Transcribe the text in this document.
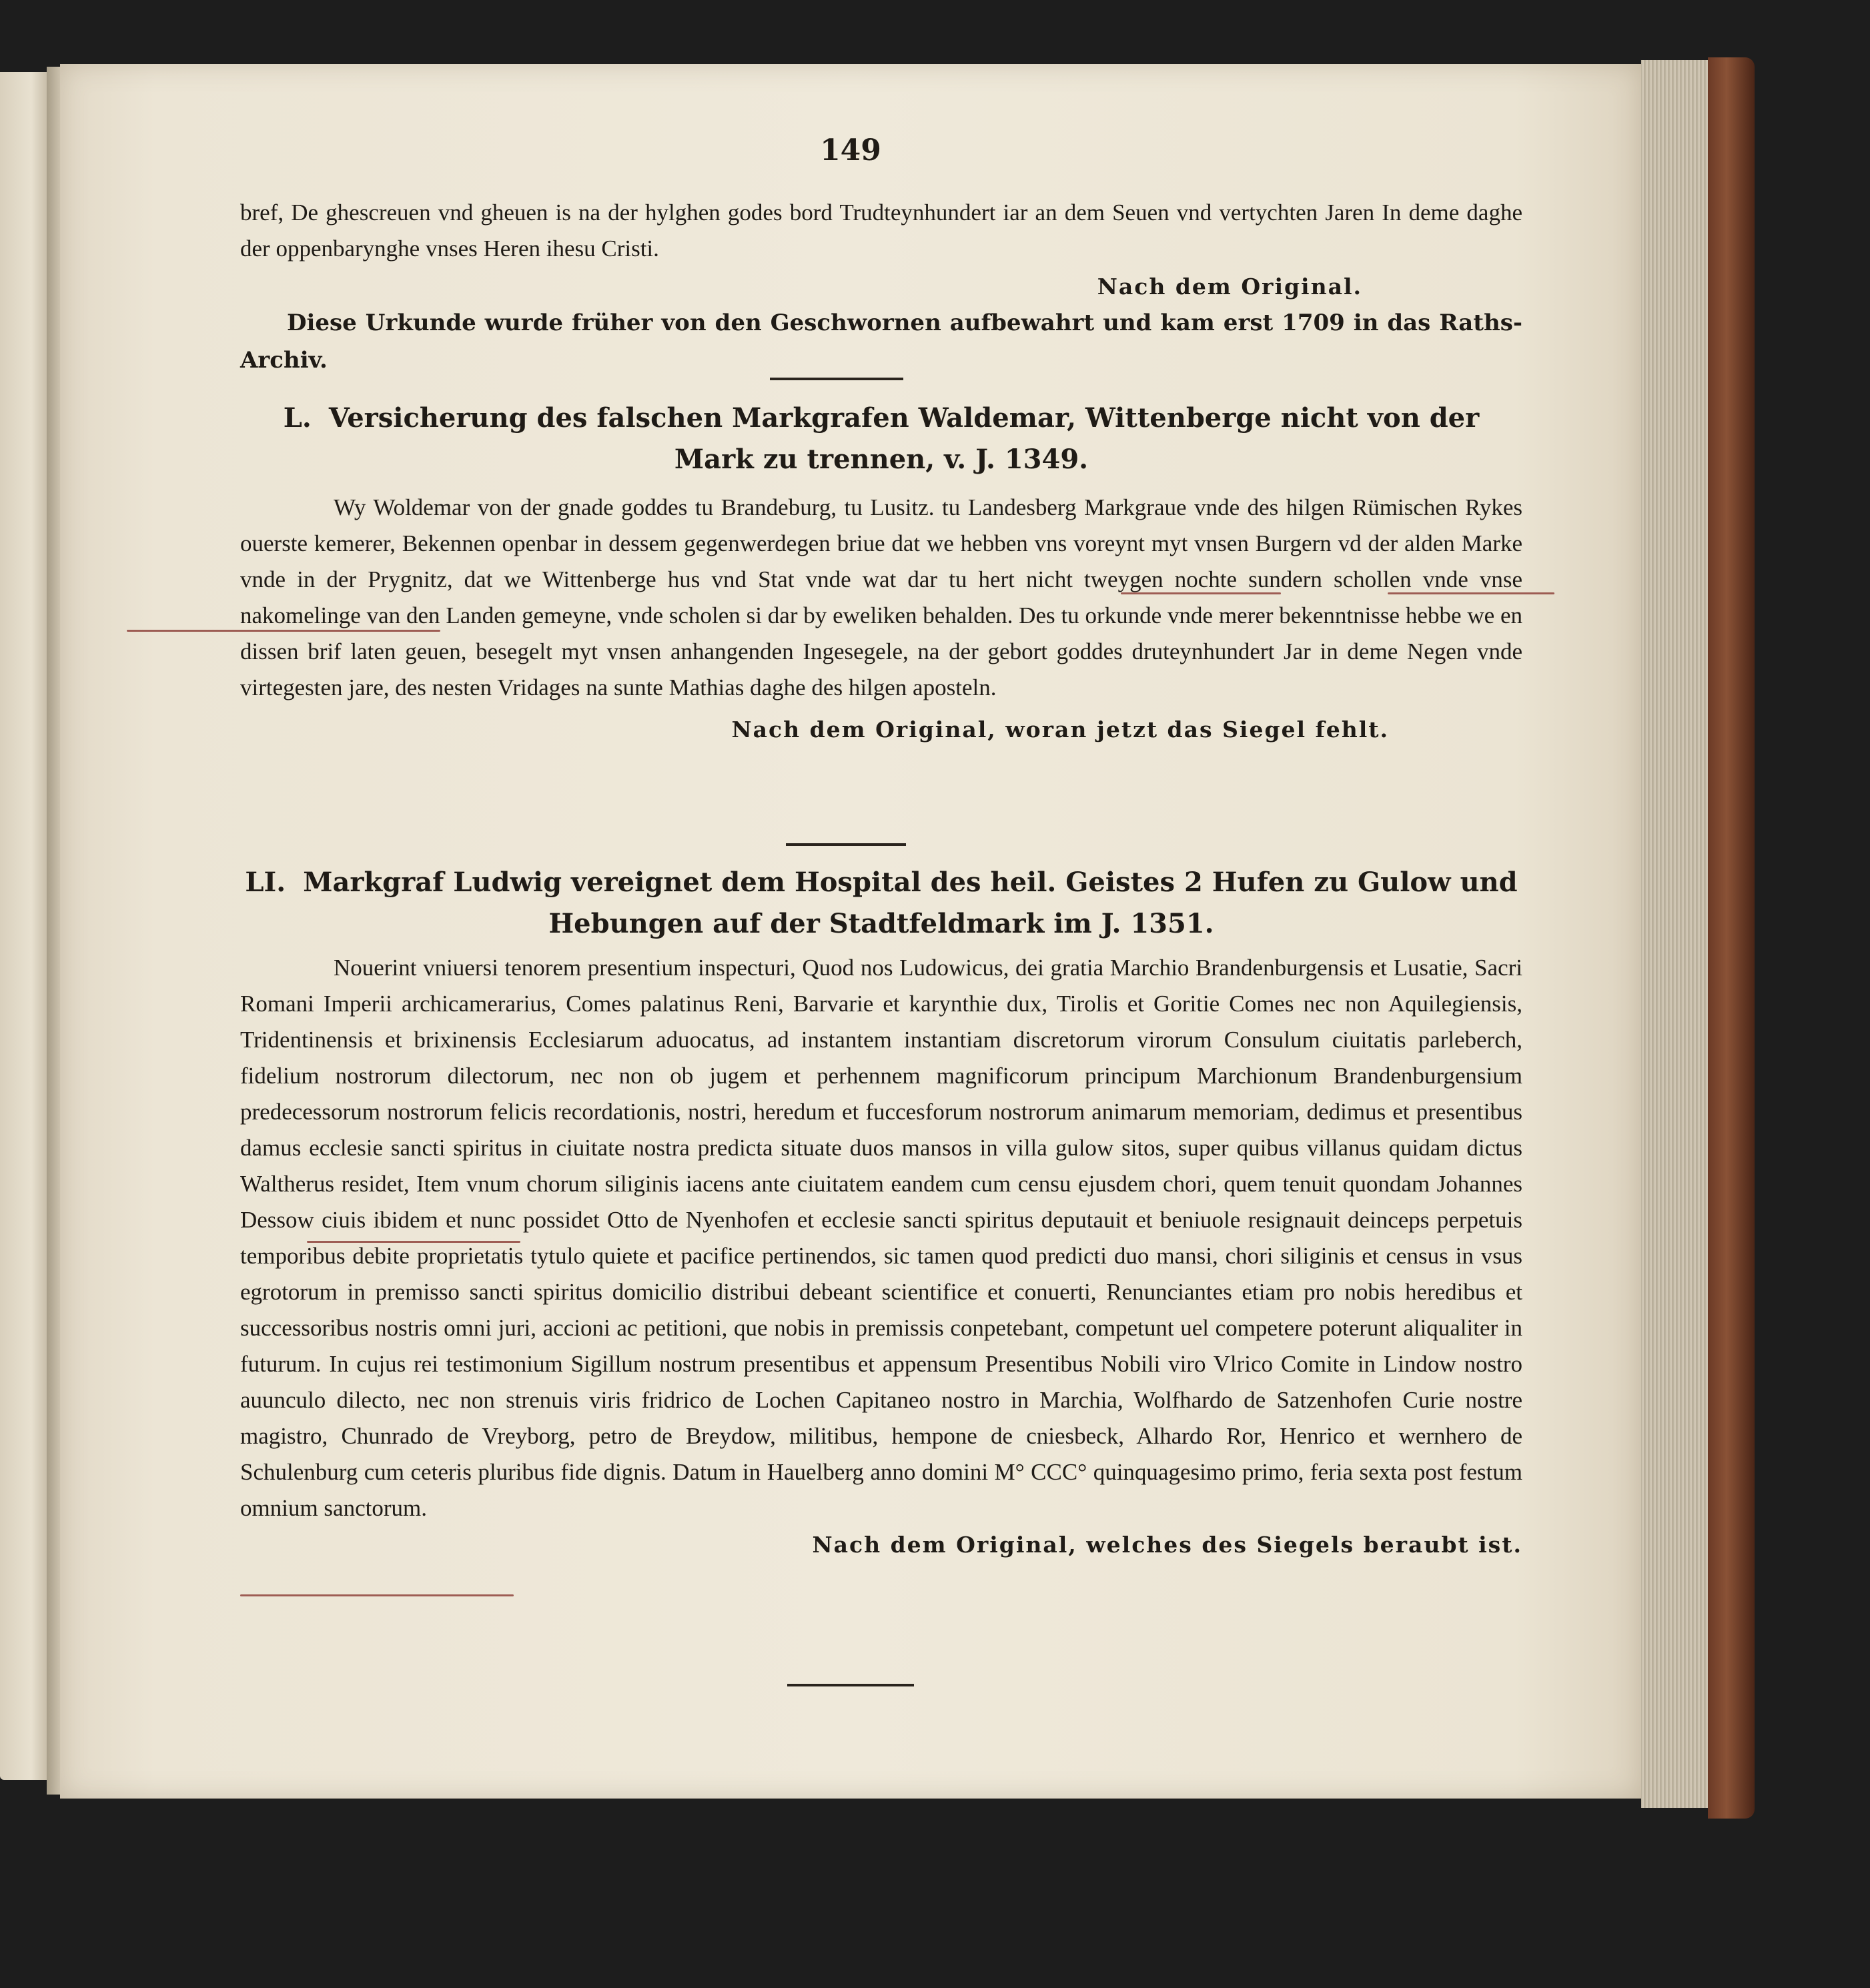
149
bref, De ghescreuen vnd gheuen is na der hylghen godes bord Trudteynhundert iar an dem Seuen vnd vertychten Jaren In deme daghe der oppenbarynghe vnses Heren ihesu Cristi.
Nach dem Original.
Diese Urkunde wurde früher von den Geschwornen aufbewahrt und kam erst 1709 in das Raths-Archiv.
L. Versicherung des falschen Markgrafen Waldemar, Wittenberge nicht von der Mark zu trennen, v. J. 1349.
Wy Woldemar von der gnade goddes tu Brandeburg, tu Lusitz. tu Landesberg Markgraue vnde des hilgen Rümischen Rykes ouerste kemerer, Bekennen openbar in dessem gegenwerdegen briue dat we hebben vns voreynt myt vnsen Burgern vd der alden Marke vnde in der Prygnitz, dat we Wittenberge hus vnd Stat vnde wat dar tu hert nicht tweygen nochte sundern schollen vnde vnse nakomelinge van den Landen gemeyne, vnde scholen si dar by eweliken behalden. Des tu orkunde vnde merer bekenntnisse hebbe we en dissen brif laten geuen, besegelt myt vnsen anhangenden Ingesegele, na der gebort goddes druteynhundert Jar in deme Negen vnde virtegesten jare, des nesten Vridages na sunte Mathias daghe des hilgen aposteln.
Nach dem Original, woran jetzt das Siegel fehlt.
LI. Markgraf Ludwig vereignet dem Hospital des heil. Geistes 2 Hufen zu Gulow und Hebungen auf der Stadtfeldmark im J. 1351.
Nouerint vniuersi tenorem presentium inspecturi, Quod nos Ludowicus, dei gratia Marchio Brandenburgensis et Lusatie, Sacri Romani Imperii archicamerarius, Comes palatinus Reni, Barvarie et karynthie dux, Tirolis et Goritie Comes nec non Aquilegiensis, Tridentinensis et brixinensis Ecclesiarum aduocatus, ad instantem instantiam discretorum virorum Consulum ciuitatis parleberch, fidelium nostrorum dilectorum, nec non ob jugem et perhennem magnificorum principum Marchionum Brandenburgensium predecessorum nostrorum felicis recordationis, nostri, heredum et fuccesforum nostrorum animarum memoriam, dedimus et presentibus damus ecclesie sancti spiritus in ciuitate nostra predicta situate duos mansos in villa gulow sitos, super quibus villanus quidam dictus Waltherus residet, Item vnum chorum siliginis iacens ante ciuitatem eandem cum censu ejusdem chori, quem tenuit quondam Johannes Dessow ciuis ibidem et nunc possidet Otto de Nyenhofen et ecclesie sancti spiritus deputauit et beniuole resignauit deinceps perpetuis temporibus debite proprietatis tytulo quiete et pacifice pertinendos, sic tamen quod predicti duo mansi, chori siliginis et census in vsus egrotorum in premisso sancti spiritus domicilio distribui debeant scientifice et conuerti, Renunciantes etiam pro nobis heredibus et successoribus nostris omni juri, accioni ac petitioni, que nobis in premissis conpetebant, competunt uel competere poterunt aliqualiter in futurum. In cujus rei testimonium Sigillum nostrum presentibus et appensum Presentibus Nobili viro Vlrico Comite in Lindow nostro auunculo dilecto, nec non strenuis viris fridrico de Lochen Capitaneo nostro in Marchia, Wolfhardo de Satzenhofen Curie nostre magistro, Chunrado de Vreyborg, petro de Breydow, militibus, hempone de cniesbeck, Alhardo Ror, Henrico et wernhero de Schulenburg cum ceteris pluribus fide dignis. Datum in Hauelberg anno domini M° CCC° quinquagesimo primo, feria sexta post festum omnium sanctorum.
Nach dem Original, welches des Siegels beraubt ist.
